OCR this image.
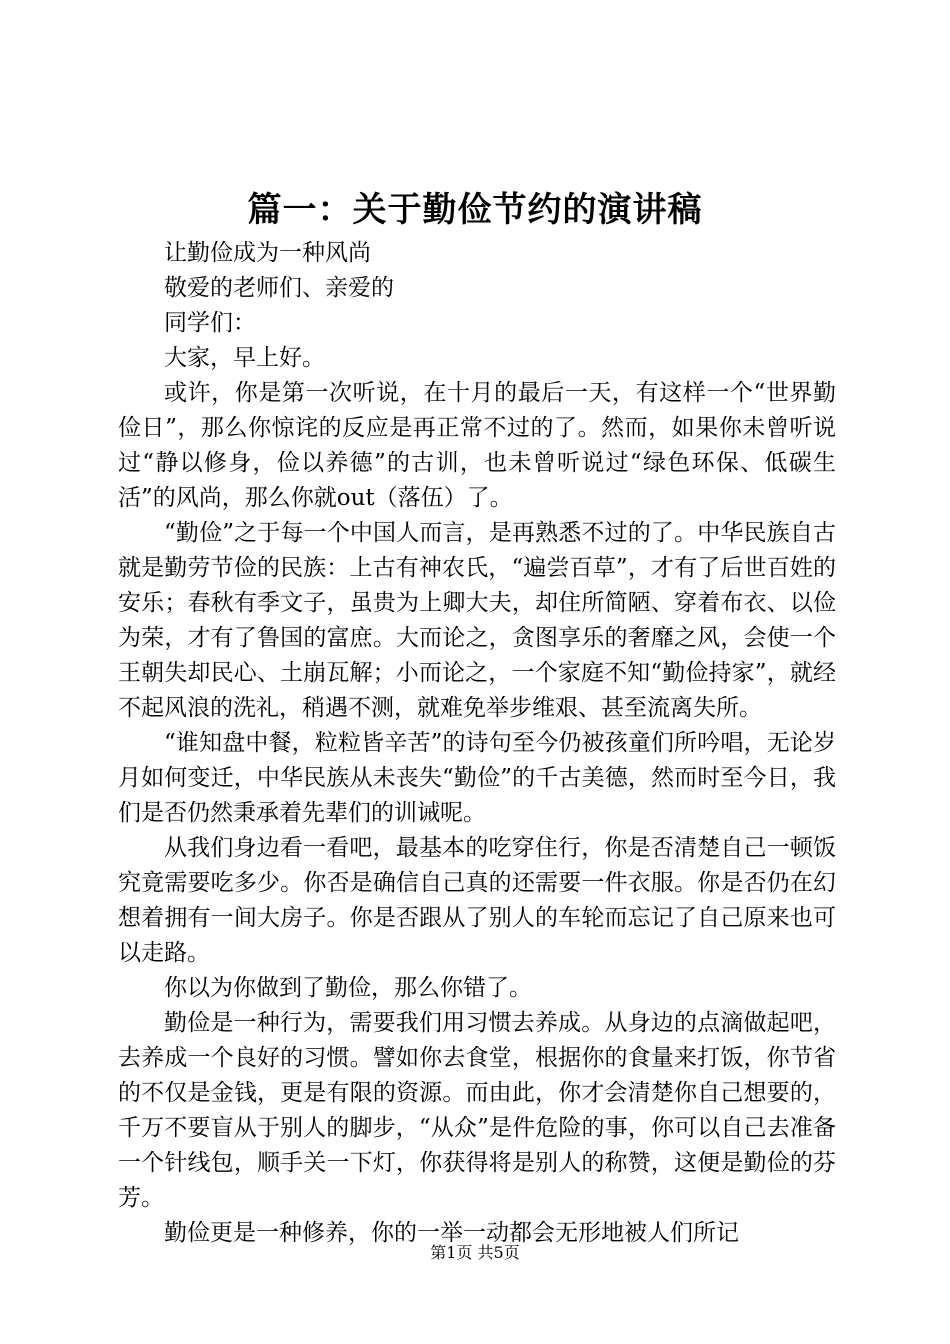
篇一：关于勤俭节约的演讲稿

让勤俭成为一种风尚

敬爱的老师们、亲爱的

同学们：

大家，早上好。

或许，你是第一次听说，在十月的最后一天，有这样一个“世界勤俭日”，那么你惊诧的反应是再正常不过的了。然而，如果你未曾听说过“静以修身，俭以养德”的古训，也未曾听说过“绿色环保、低碳生活”的风尚，那么你就out（落伍）了。

“勤俭”之于每一个中国人而言，是再熟悉不过的了。中华民族自古就是勤劳节俭的民族：上古有神农氏，“遍尝百草”，才有了后世百姓的安乐；春秋有季文子，虽贵为上卿大夫，却住所简陋、穿着布衣、以俭为荣，才有了鲁国的富庶。大而论之，贪图享乐的奢靡之风，会使一个王朝失却民心、土崩瓦解；小而论之，一个家庭不知“勤俭持家”，就经不起风浪的洗礼，稍遇不测，就难免举步维艰、甚至流离失所。

“谁知盘中餐，粒粒皆辛苦”的诗句至今仍被孩童们所吟唱，无论岁月如何变迁，中华民族从未丧失“勤俭”的千古美德，然而时至今日，我们是否仍然秉承着先辈们的训诫呢。

从我们身边看一看吧，最基本的吃穿住行，你是否清楚自己一顿饭究竟需要吃多少。你否是确信自己真的还需要一件衣服。你是否仍在幻想着拥有一间大房子。你是否跟从了别人的车轮而忘记了自己原来也可以走路。

你以为你做到了勤俭，那么你错了。

勤俭是一种行为，需要我们用习惯去养成。从身边的点滴做起吧，去养成一个良好的习惯。譬如你去食堂，根据你的食量来打饭，你节省的不仅是金钱，更是有限的资源。而由此，你才会清楚你自己想要的，千万不要盲从于别人的脚步，“从众”是件危险的事，你可以自己去准备一个针线包，顺手关一下灯，你获得将是别人的称赞，这便是勤俭的芬芳。

勤俭更是一种修养，你的一举一动都会无形地被人们所记

第1页 共5页
